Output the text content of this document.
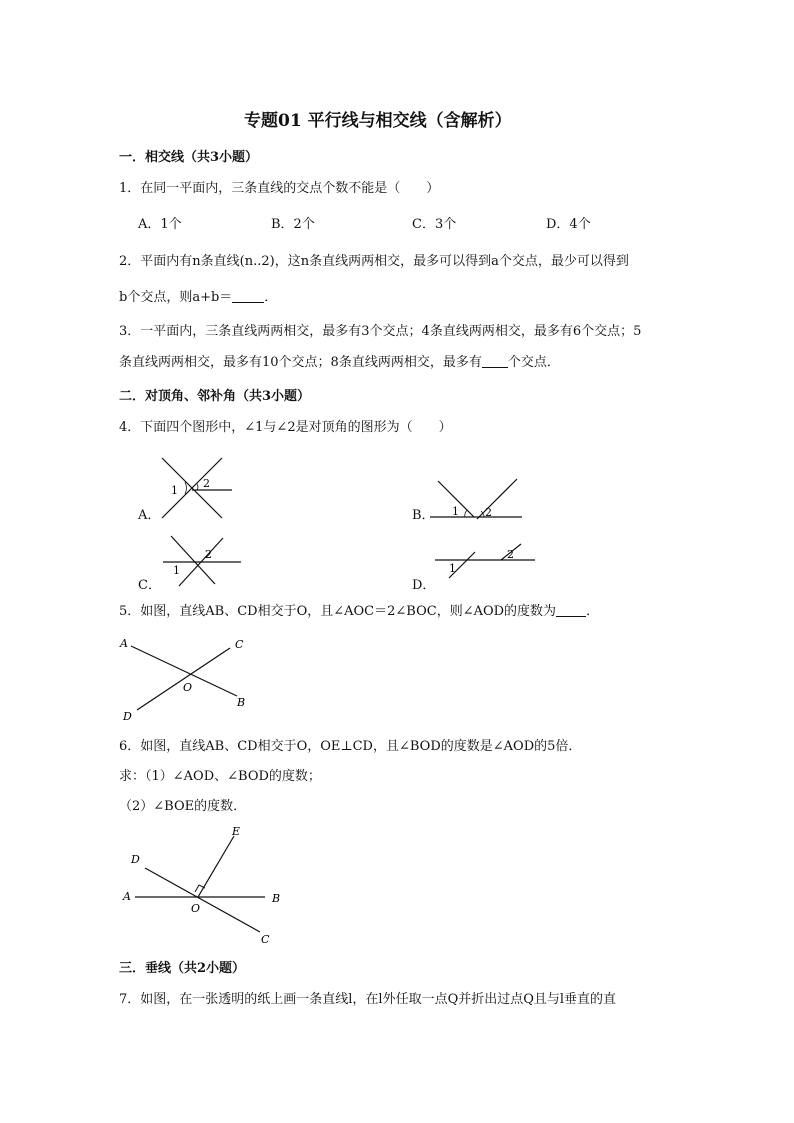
专题01 平行线与相交线（含解析）
一．相交线（共3小题）
1．在同一平面内，三条直线的交点个数不能是（　　）
A．1个	B．2个	C．3个	D．4个
2．平面内有n条直线(n..2)，这n条直线两两相交，最多可以得到a个交点，最少可以得到
b个交点，则a+b＝ ．
3．一平面内，三条直线两两相交，最多有3个交点；4条直线两两相交，最多有6个交点；5
条直线两两相交，最多有10个交点；8条直线两两相交，最多有 个交点．
二．对顶角、邻补角（共3小题）
4．下面四个图形中，∠1与∠2是对顶角的图形为（　　）
A．	B．
C．	D．
1
2
1 2
2
1	1
2
5．如图，直线AB、CD相交于O，且∠AOC＝2∠BOC，则∠AOD的度数为 ．
A	C
O
D
B
6．如图，直线AB、CD相交于O，OE⊥CD，且∠BOD的度数是∠AOD的5倍．
求：（1）∠AOD、∠BOD的度数；
（2）∠BOE的度数．
E
D
A
O
B
C
三．垂线（共2小题）
7．如图，在一张透明的纸上画一条直线l，在l外任取一点Q并折出过点Q且与l垂直的直
